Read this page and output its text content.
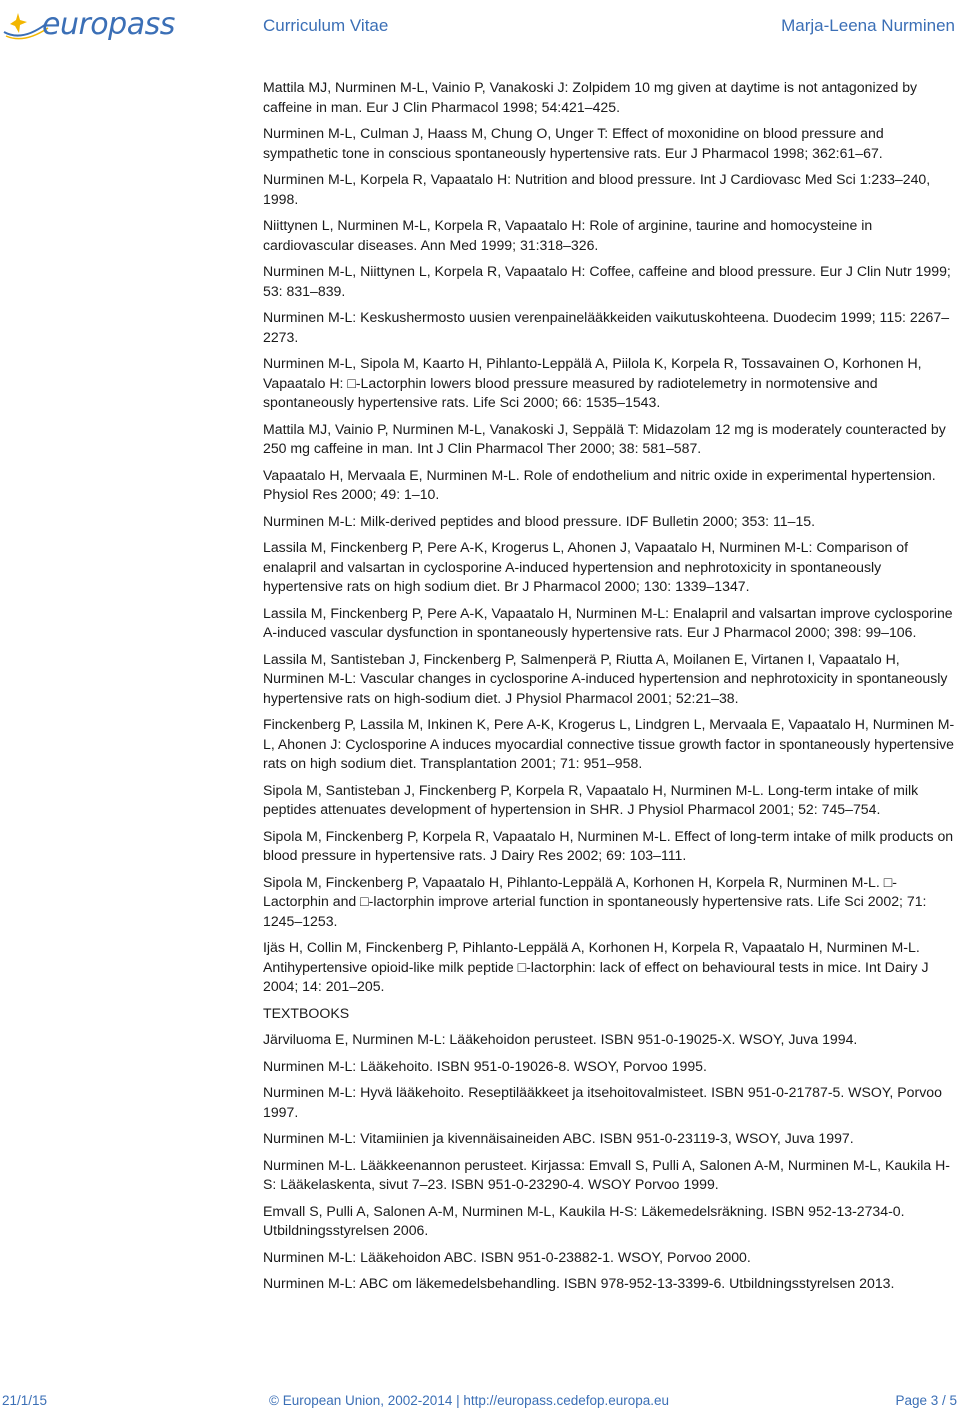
europass	Curriculum Vitae	Marja-Leena Nurminen

Mattila MJ, Nurminen M-L, Vainio P, Vanakoski J: Zolpidem 10 mg given at daytime is not antagonized by caffeine in man. Eur J Clin Pharmacol 1998; 54:421–425.

Nurminen M-L, Culman J, Haass M, Chung O, Unger T: Effect of moxonidine on blood pressure and sympathetic tone in conscious spontaneously hypertensive rats. Eur J Pharmacol 1998; 362:61–67.

Nurminen M-L, Korpela R, Vapaatalo H: Nutrition and blood pressure. Int J Cardiovasc Med Sci 1:233–240, 1998.

Niittynen L, Nurminen M-L, Korpela R, Vapaatalo H: Role of arginine, taurine and homocysteine in cardiovascular diseases. Ann Med 1999; 31:318–326.

Nurminen M-L, Niittynen L, Korpela R, Vapaatalo H: Coffee, caffeine and blood pressure. Eur J Clin Nutr 1999; 53: 831–839.

Nurminen M-L: Keskushermosto uusien verenpainelääkkeiden vaikutuskohteena. Duodecim 1999; 115: 2267–2273.

Nurminen M-L, Sipola M, Kaarto H, Pihlanto-Leppälä A, Piilola K, Korpela R, Tossavainen O, Korhonen H, Vapaatalo H: □-Lactorphin lowers blood pressure measured by radiotelemetry in normotensive and spontaneously hypertensive rats. Life Sci 2000; 66: 1535–1543.

Mattila MJ, Vainio P, Nurminen M-L, Vanakoski J, Seppälä T: Midazolam 12 mg is moderately counteracted by 250 mg caffeine in man. Int J Clin Pharmacol Ther 2000; 38: 581–587.

Vapaatalo H, Mervaala E, Nurminen M-L. Role of endothelium and nitric oxide in experimental hypertension. Physiol Res 2000; 49: 1–10.

Nurminen M-L: Milk-derived peptides and blood pressure. IDF Bulletin 2000; 353: 11–15.

Lassila M, Finckenberg P, Pere A-K, Krogerus L, Ahonen J, Vapaatalo H, Nurminen M-L: Comparison of enalapril and valsartan in cyclosporine A-induced hypertension and nephrotoxicity in spontaneously hypertensive rats on high sodium diet. Br J Pharmacol 2000; 130: 1339–1347.

Lassila M, Finckenberg P, Pere A-K, Vapaatalo H, Nurminen M-L: Enalapril and valsartan improve cyclosporine A-induced vascular dysfunction in spontaneously hypertensive rats. Eur J Pharmacol 2000; 398: 99–106.

Lassila M, Santisteban J, Finckenberg P, Salmenperä P, Riutta A, Moilanen E, Virtanen I, Vapaatalo H, Nurminen M-L: Vascular changes in cyclosporine A-induced hypertension and nephrotoxicity in spontaneously hypertensive rats on high-sodium diet. J Physiol Pharmacol 2001; 52:21–38.

Finckenberg P, Lassila M, Inkinen K, Pere A-K, Krogerus L, Lindgren L, Mervaala E, Vapaatalo H, Nurminen M-L, Ahonen J: Cyclosporine A induces myocardial connective tissue growth factor in spontaneously hypertensive rats on high sodium diet. Transplantation 2001; 71: 951–958.

Sipola M, Santisteban J, Finckenberg P, Korpela R, Vapaatalo H, Nurminen M-L. Long-term intake of milk peptides attenuates development of hypertension in SHR. J Physiol Pharmacol 2001; 52: 745–754.

Sipola M, Finckenberg P, Korpela R, Vapaatalo H, Nurminen M-L. Effect of long-term intake of milk products on blood pressure in hypertensive rats. J Dairy Res 2002; 69: 103–111.

Sipola M, Finckenberg P, Vapaatalo H, Pihlanto-Leppälä A, Korhonen H, Korpela R, Nurminen M-L. □-Lactorphin and □-lactorphin improve arterial function in spontaneously hypertensive rats. Life Sci 2002; 71: 1245–1253.

Ijäs H, Collin M, Finckenberg P, Pihlanto-Leppälä A, Korhonen H, Korpela R, Vapaatalo H, Nurminen M-L. Antihypertensive opioid-like milk peptide □-lactorphin: lack of effect on behavioural tests in mice. Int Dairy J 2004; 14: 201–205.

TEXTBOOKS

Järviluoma E, Nurminen M-L: Lääkehoidon perusteet. ISBN 951-0-19025-X. WSOY, Juva 1994.

Nurminen M-L: Lääkehoito. ISBN 951-0-19026-8. WSOY, Porvoo 1995.

Nurminen M-L: Hyvä lääkehoito. Reseptilääkkeet ja itsehoitovalmisteet. ISBN 951-0-21787-5. WSOY, Porvoo 1997.

Nurminen M-L: Vitamiinien ja kivennäisaineiden ABC. ISBN 951-0-23119-3, WSOY, Juva 1997.

Nurminen M-L. Lääkkeenannon perusteet. Kirjassa: Emvall S, Pulli A, Salonen A-M, Nurminen M-L, Kaukila H-S: Lääkelaskenta, sivut 7–23. ISBN 951-0-23290-4. WSOY Porvoo 1999.

Emvall S, Pulli A, Salonen A-M, Nurminen M-L, Kaukila H-S: Läkemedelsräkning. ISBN 952-13-2734-0. Utbildningsstyrelsen 2006.

Nurminen M-L: Lääkehoidon ABC. ISBN 951-0-23882-1. WSOY, Porvoo 2000.

Nurminen M-L: ABC om läkemedelsbehandling. ISBN 978-952-13-3399-6. Utbildningsstyrelsen 2013.

21/1/15	© European Union, 2002-2014 | http://europass.cedefop.europa.eu	Page 3 / 5
